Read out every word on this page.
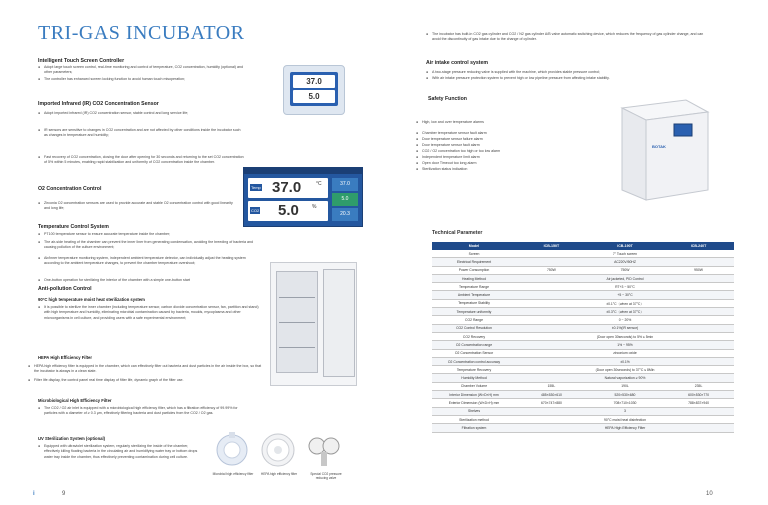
TRI-GAS INCUBATOR
Intelligent Touch Screen Controller
● Adopt large touch screen control, real-time monitoring and control of temperature, CO2 concentration, humidity (optional) and other parameters;
● The controller has enhanced screen locking function to avoid human touch misoperation;
Imported Infrared (IR) CO2 Concentration Sensor
● Adopt imported infrared (IR) CO2 concentration sensor, stable control and long service life;
● IR sensors are sensitive to changes in CO2 concentration and are not affected by other conditions inside the incubator such as changes in temperature and humidity;
● Fast recovery of CO2 concentration, closing the door after opening for 30 seconds and returning to the set CO2 concentration of 5% within 5 minutes, enabling rapid stabilization and uniformity of CO2 concentration inside the chamber.
37.0
5.0
Temp 37.0	°C
CO2 5.0	%
37.0
5.0
20.3
O2 Concentration Control
● Zirconia O2 concentration sensors are used to provide accurate and stable O2 concentration control with good linearity and long life;
Temperature Control System
● PT100 temperature sensor to ensure accurate temperature inside the chamber;
● The air-side heating of the chamber can prevent the inner liner from generating condensation, avoiding the breeding of bacteria and causing pollution of the culture environment;
● Air/inner temperature monitoring system, independent ambient temperature detector, can individually adjust the heating system according to the ambient temperature changes, to prevent the chamber temperature overshoot;
● One-button operation for sterilizing the interior of the chamber with a simple one-button start
Anti-pollution Control
90°C high temperature moist heat sterilization system
● It is possible to sterilize the inner chamber (including temperature sensor, carbon dioxide concentration sensor, fan, partition and stand) with high temperature and humidity, eliminating microbial contamination caused by bacteria, moulds, mycoplasma and other microorganisms in cell culture, and providing users with a safe experimental environment;
HEPA High Efficiency Filter
● HEPA high efficiency filter is equipped in the chamber, which can effectively filter out bacteria and dust particles in the air inside the box, so that the incubator is always in a clean state.
● Filter life display, the control panel real time display of filter life, dynamic graph of the filter use.
Microbiological High Efficiency Filter
● The CO2 / O2 air inlet is equipped with a microbiological high efficiency filter, which has a filtration efficiency of 99.99% for particles with a diameter of ≥ 0.3 μm, effectively filtering bacteria and dust particles from the CO2 / O2 gas.
UV Sterilization System (optional)
● Equipped with ultraviolet sterilization system, regularly sterilizing the inside of the chamber, effectively killing floating bacteria in the circulating air and humidifying water tray or bottom drops water tray inside the chamber, thus effectively preventing contamination during cell culture.
Microbial high efficiency filter	HEPA high efficiency filter	Special CO2 pressure reducing valve
i	9
● The incubator has built-in CO2 gas cylinder and CO2 / N2 gas cylinder A/B valve automatic switching device, which reduces the frequency of gas cylinder change, and can avoid the discontinuity of gas intake due to the change of cylinder.
Air intake control system
● A two-stage pressure reducing valve is supplied with the machine, which provides stable pressure control;
● With air intake pressure protection system to prevent high or low pipeline pressure from affecting intake stability.
Safety Function
● High, low and over temperature alarms
● Chamber temperature sensor fault alarm
● Door temperature sensor failure alarm
● Door temperature sensor fault alarm
● CO2 / O2 concentration too high or too low alarm
● Independent temperature limit alarm
● Open door Timeout too long alarm
● Sterilization status indication
BOTAK
Technical Parameter
10
Model	ICB-150T	ICB-190T	ICB-240T
Screen	7" Touch screen		
Electrical Requirement	AC220V/50HZ		
Power Consumption	750W	750W	950W
Heating Method	Air jacketed, PID Control		
Temperature Range	RT+3 ~ 50°C		
Ambient Temperature	+5 ~ 30°C		
Temperature Stability	±0.1°C（when at 37°C）		
Temperature uniformity	±0.3°C（when at 37°C）		
CO2 Range	0 ~ 20%		
CO2 Control Resolution	±0.1%(IR sensor)		
CO2 Recovery	(Door open 30seconds) to 5% ≤ 5min		
O2 Concentration range	1% ~ 95%		
O2 Concentration Sensor	zirconium oxide		
O2 Concentration control accuracy	±0.1%		
Temperature Recovery	(Door open 30seconds) to 37°C ≤ 8Min		
Humidity Method	Natural vaporization ≥ 90%		
Chamber Volume	155L	190L	235L
Interior Dimension (W×D×H) mm	485×530×610	520×530×680	600×530×770
Exterior Dimension (W×D×H) mm	670×747×880	708×710×1030	788×837×940
Shelves	3		
Sterilization method	90°C moist heat disinfection		
Filtration system	HEPA High Efficiency Filter		
